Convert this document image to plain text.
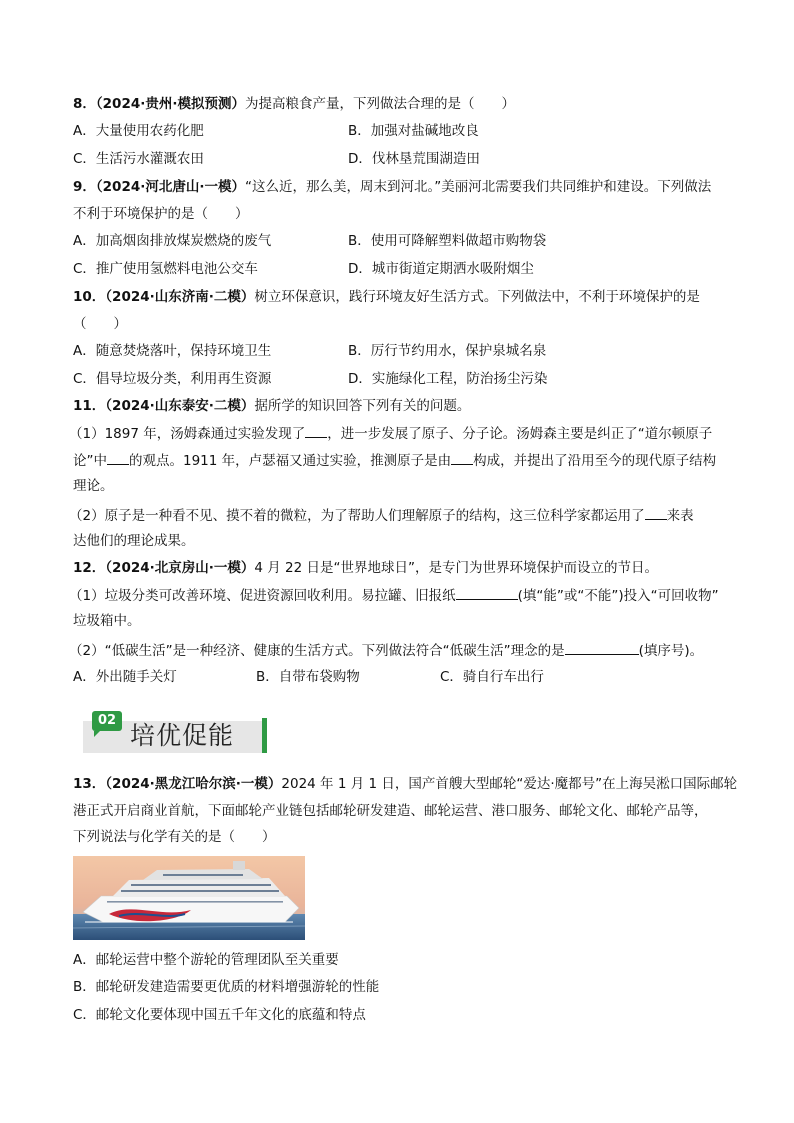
8．（2024·贵州·模拟预测）为提高粮食产量，下列做法合理的是（　　）
A．大量使用农药化肥	B．加强对盐碱地改良
C．生活污水灌溉农田	D．伐林垦荒围湖造田
9．（2024·河北唐山·一模）“这么近，那么美，周末到河北。”美丽河北需要我们共同维护和建设。下列做法
不利于环境保护的是（　　）
A．加高烟囱排放煤炭燃烧的废气	B．使用可降解塑料做超市购物袋
C．推广使用氢燃料电池公交车	D．城市街道定期洒水吸附烟尘
10．（2024·山东济南·二模）树立环保意识，践行环境友好生活方式。下列做法中，不利于环境保护的是
（　　）
A．随意焚烧落叶，保持环境卫生	B．厉行节约用水，保护泉城名泉
C．倡导垃圾分类，利用再生资源	D．实施绿化工程，防治扬尘污染
11．（2024·山东泰安·二模）据所学的知识回答下列有关的问题。
（1）1897 年，汤姆森通过实验发现了 ，进一步发展了原子、分子论。汤姆森主要是纠正了“道尔顿原子
论”中 的观点。1911 年，卢瑟福又通过实验，推测原子是由 构成，并提出了沿用至今的现代原子结构
理论。
（2）原子是一种看不见、摸不着的微粒，为了帮助人们理解原子的结构，这三位科学家都运用了 来表
达他们的理论成果。
12．（2024·北京房山·一模）4 月 22 日是“世界地球日”，是专门为世界环境保护而设立的节日。
（1）垃圾分类可改善环境、促进资源回收利用。易拉罐、旧报纸	(填“能”或“不能”)投入“可回收物”
垃圾箱中。
（2）“低碳生活”是一种经济、健康的生活方式。下列做法符合“低碳生活”理念的是	(填序号)。
A．外出随手关灯	B．自带布袋购物	C．骑自行车出行
02
培优促能
13．（2024·黑龙江哈尔滨·一模）2024 年 1 月 1 日，国产首艘大型邮轮“爱达·魔都号”在上海吴淞口国际邮轮
港正式开启商业首航，下面邮轮产业链包括邮轮研发建造、邮轮运营、港口服务、邮轮文化、邮轮产品等，
下列说法与化学有关的是（　　）
A．邮轮运营中整个游轮的管理团队至关重要
B．邮轮研发建造需要更优质的材料增强游轮的性能
C．邮轮文化要体现中国五千年文化的底蕴和特点
